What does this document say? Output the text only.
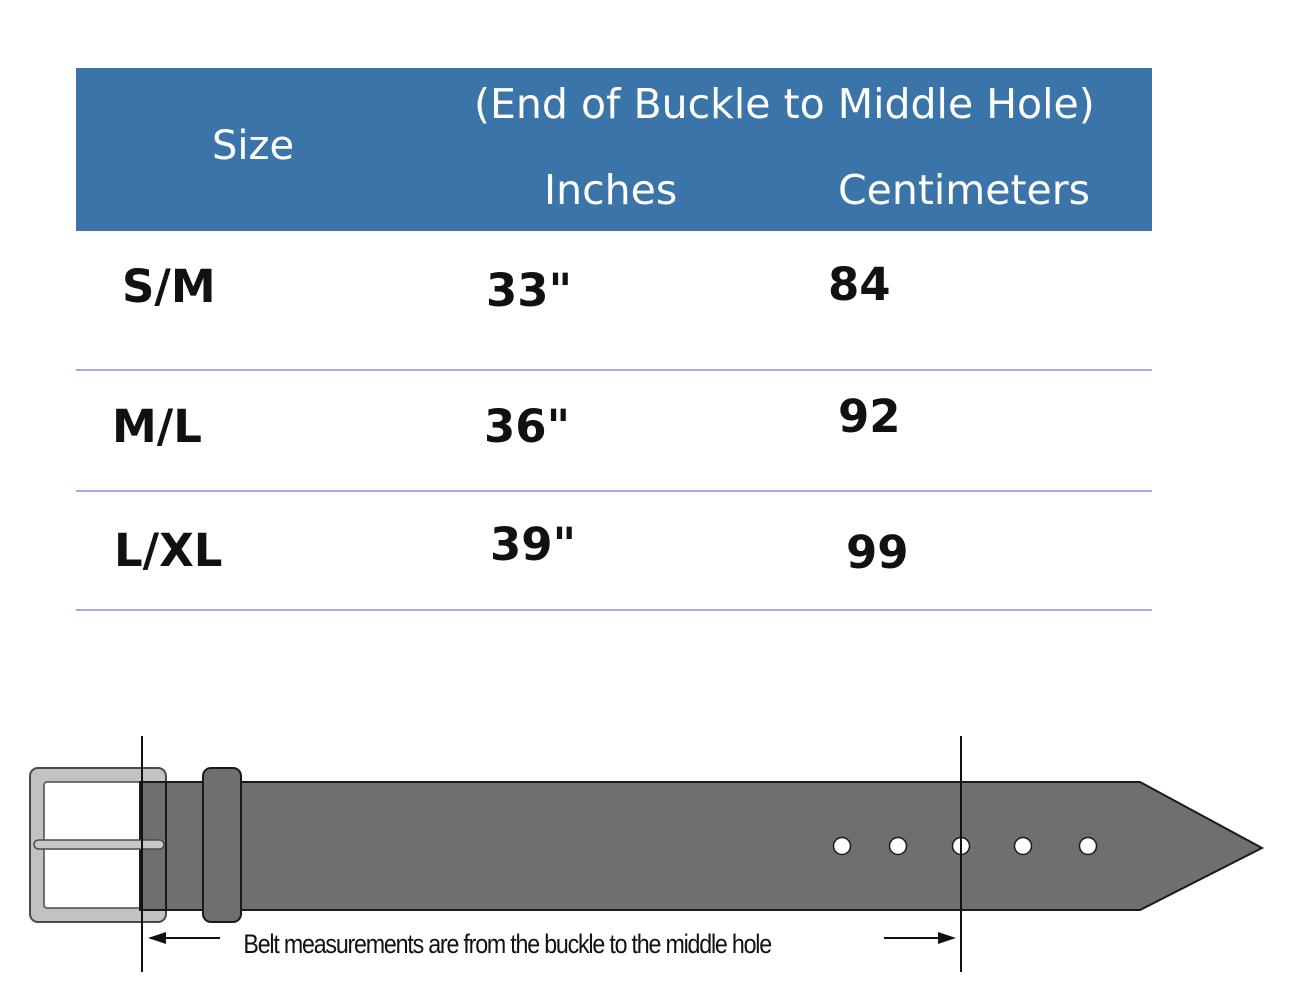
Size
(End of Buckle to Middle Hole)
Inches	Centimeters
S/M	33"	84
M/L	36"	92
L/XL	39"	99
Belt measurements are from the buckle to the middle hole
